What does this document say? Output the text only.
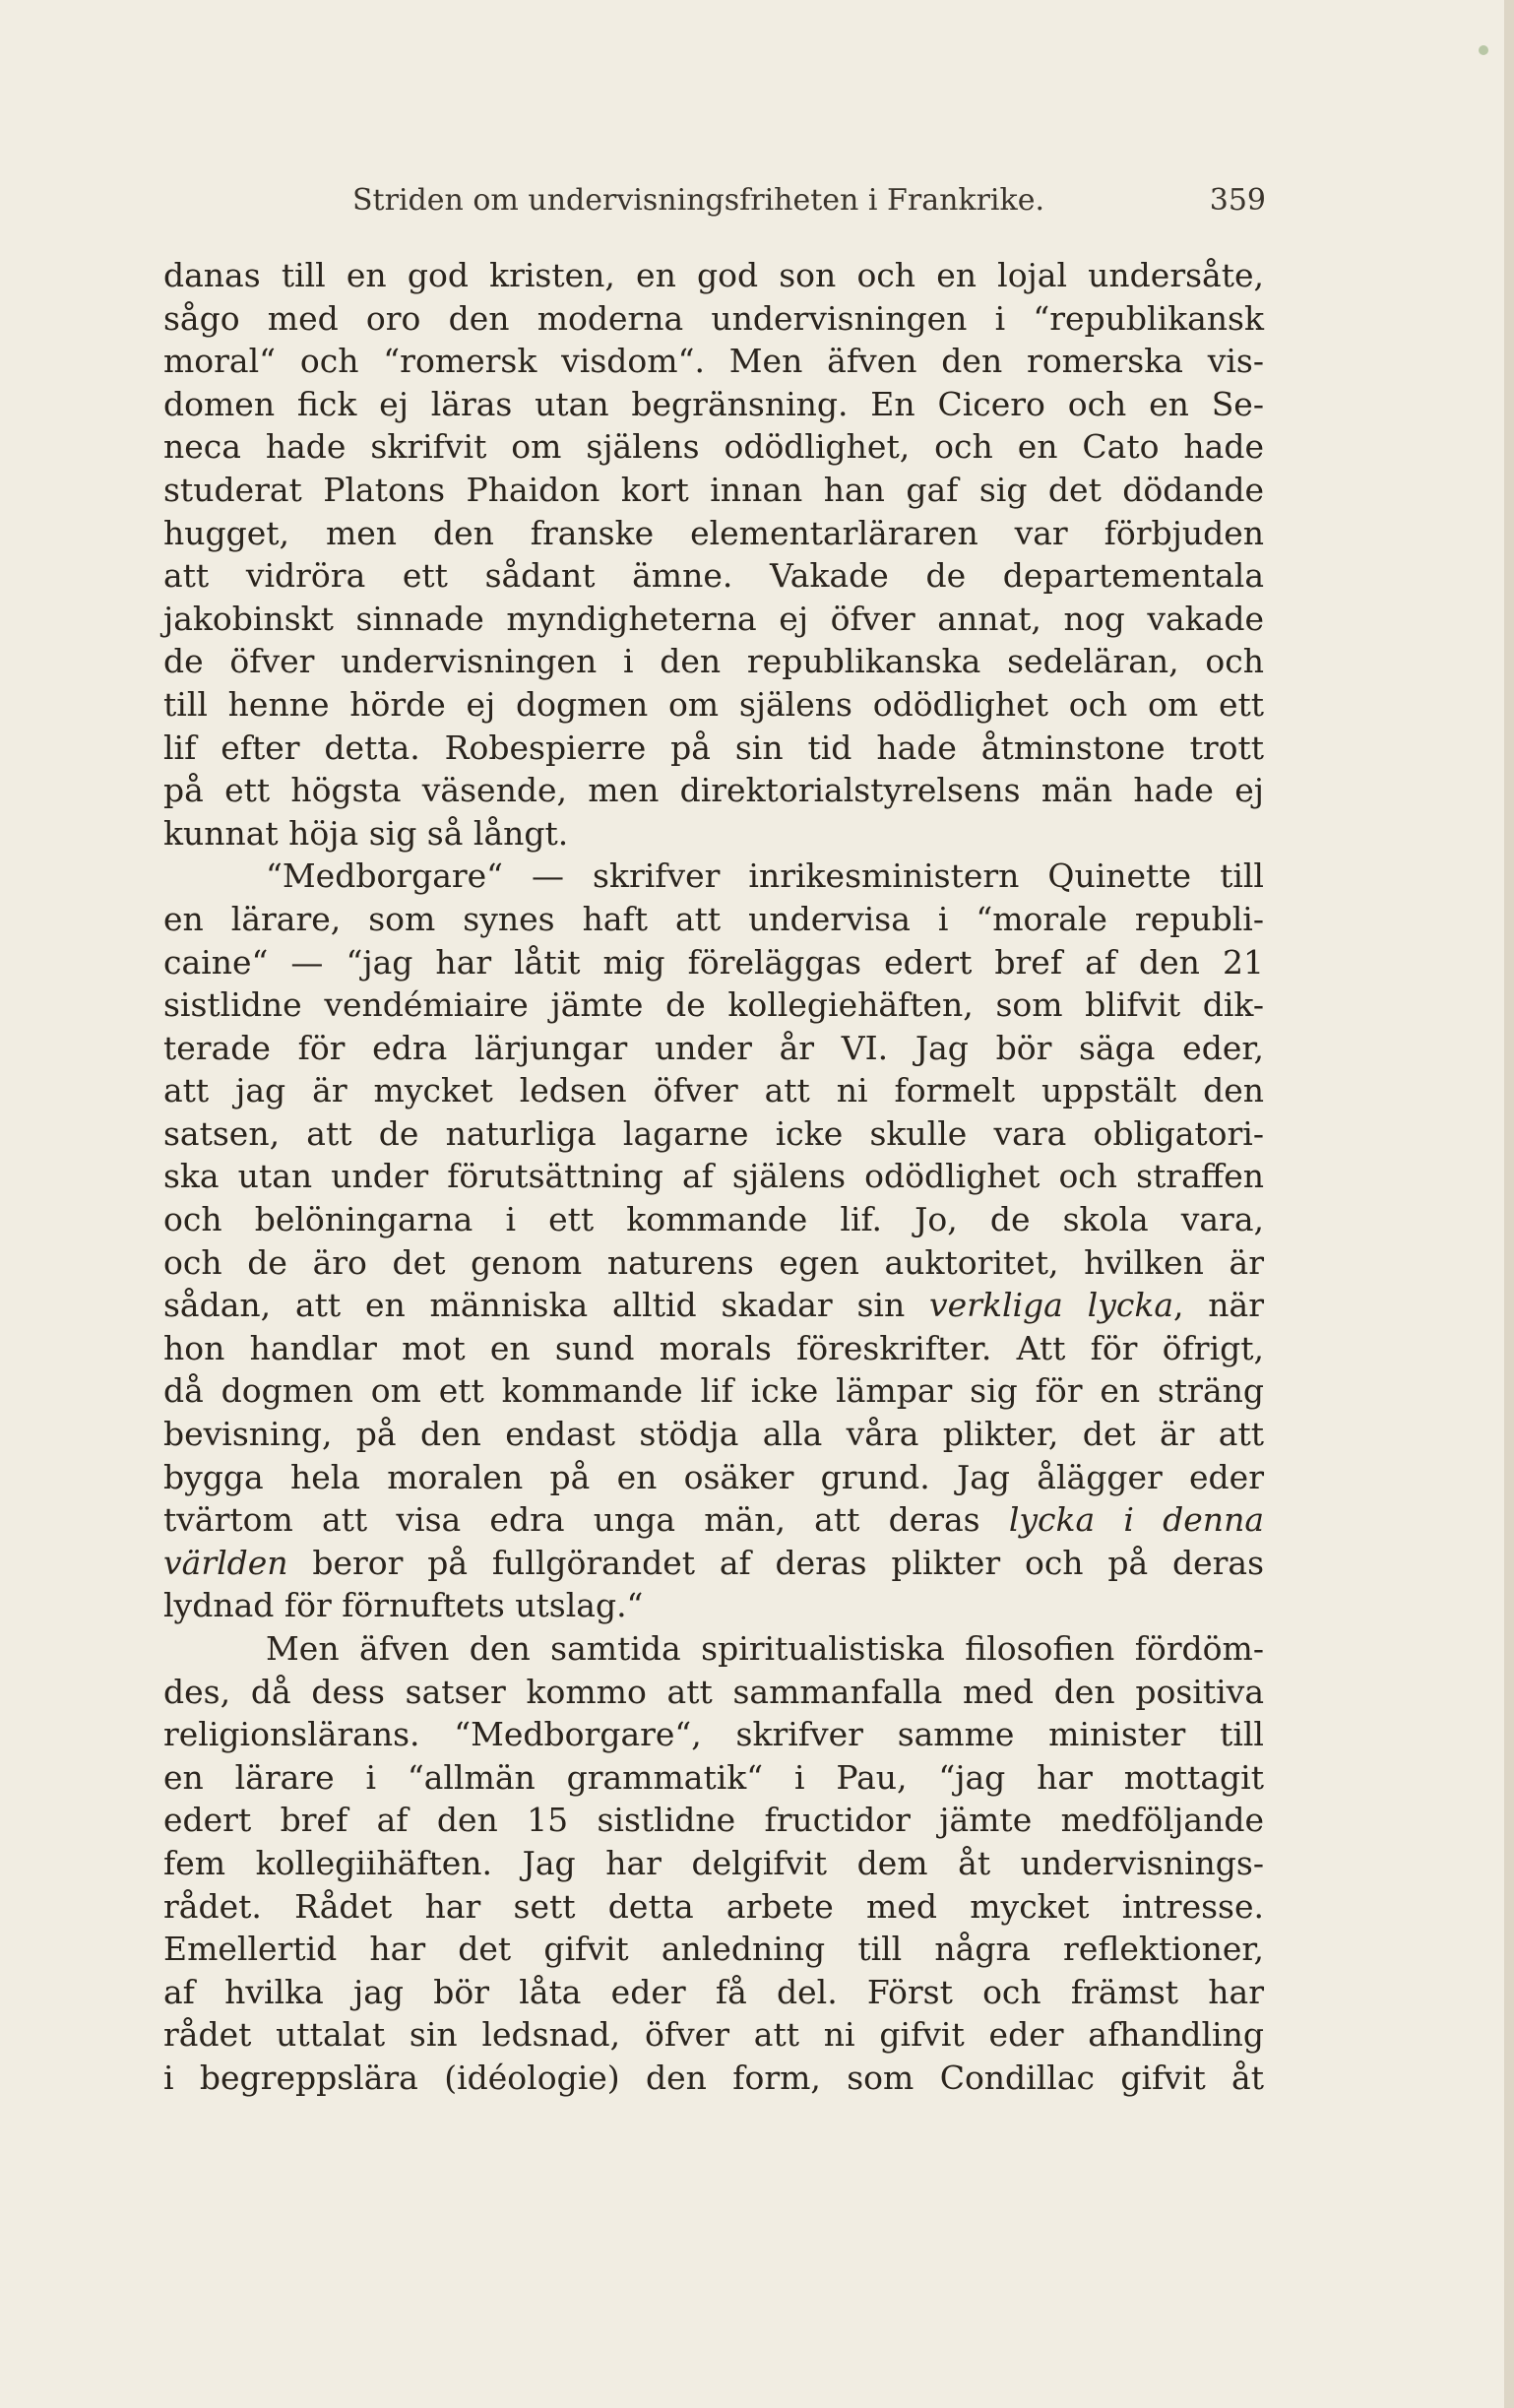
Striden om undervisningsfriheten i Frankrike.	359
danas till en god kristen, en god son och en lojal undersåte,
sågo med oro den moderna undervisningen i “republikansk
moral“ och “romersk visdom“. Men äfven den romerska vis-
domen fick ej läras utan begränsning. En Cicero och en Se-
neca hade skrifvit om själens odödlighet, och en Cato hade
studerat Platons Phaidon kort innan han gaf sig det dödande
hugget, men den franske elementarläraren var förbjuden
att vidröra ett sådant ämne. Vakade de departementala
jakobinskt sinnade myndigheterna ej öfver annat, nog vakade
de öfver undervisningen i den republikanska sedeläran, och
till henne hörde ej dogmen om själens odödlighet och om ett
lif efter detta. Robespierre på sin tid hade åtminstone trott
på ett högsta väsende, men direktorialstyrelsens män hade ej
kunnat höja sig så långt.
“Medborgare“ — skrifver inrikesministern Quinette till
en lärare, som synes haft att undervisa i “morale republi-
caine“ — “jag har låtit mig föreläggas edert bref af den 21
sistlidne vendémiaire jämte de kollegiehäften, som blifvit dik-
terade för edra lärjungar under år VI. Jag bör säga eder,
att jag är mycket ledsen öfver att ni formelt uppstält den
satsen, att de naturliga lagarne icke skulle vara obligatori-
ska utan under förutsättning af själens odödlighet och straffen
och belöningarna i ett kommande lif. Jo, de skola vara,
och de äro det genom naturens egen auktoritet, hvilken är
sådan, att en människa alltid skadar sin verkliga lycka, när
hon handlar mot en sund morals föreskrifter. Att för öfrigt,
då dogmen om ett kommande lif icke lämpar sig för en sträng
bevisning, på den endast stödja alla våra plikter, det är att
bygga hela moralen på en osäker grund. Jag ålägger eder
tvärtom att visa edra unga män, att deras lycka i denna
världen beror på fullgörandet af deras plikter och på deras
lydnad för förnuftets utslag.“
Men äfven den samtida spiritualistiska filosofien fördöm-
des, då dess satser kommo att sammanfalla med den positiva
religionslärans. “Medborgare“, skrifver samme minister till
en lärare i “allmän grammatik“ i Pau, “jag har mottagit
edert bref af den 15 sistlidne fructidor jämte medföljande
fem kollegiihäften. Jag har delgifvit dem åt undervisnings-
rådet. Rådet har sett detta arbete med mycket intresse.
Emellertid har det gifvit anledning till några reflektioner,
af hvilka jag bör låta eder få del. Först och främst har
rådet uttalat sin ledsnad, öfver att ni gifvit eder afhandling
i begreppslära (idéologie) den form, som Condillac gifvit åt
